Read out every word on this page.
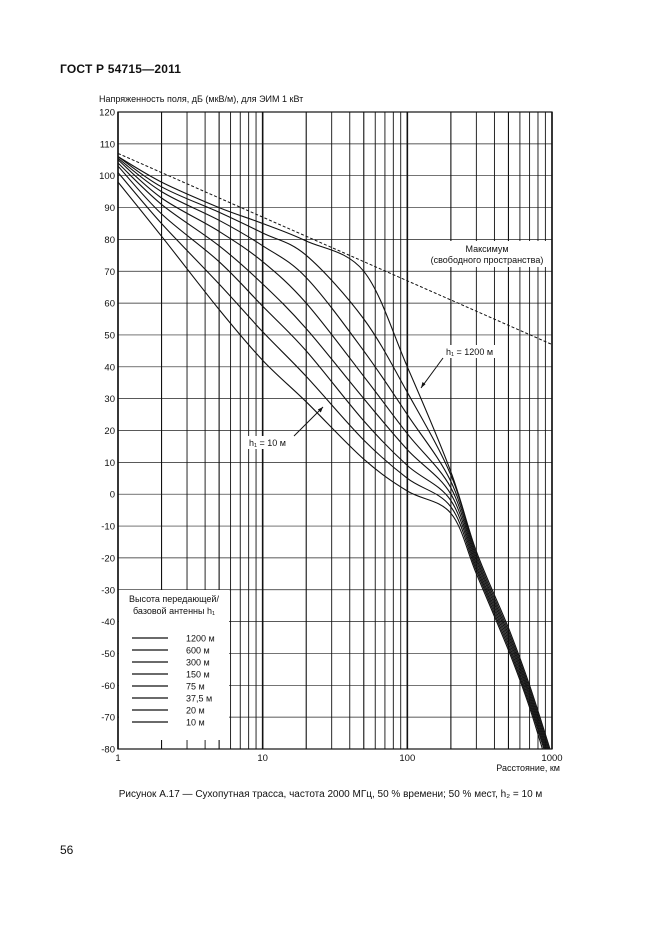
ГОСТ Р 54715—2011
Напряженность поля, дБ (мкВ/м), для ЭИМ 1 кВт
120
110
100
90
80
70
60
50
40
30
20
10
0
-10
-20
-30
-40
-50
-60
-70
-80
1	10	100	1000
Высота передающей/
базовой антенны h₁
1200 м
600 м
300 м
150 м
75 м
37,5 м
20 м
10 м
Максимум
(свободного пространства)
h₁ = 1200 м
h₁ = 10 м
Расстояние, км
Рисунок А.17 — Сухопутная трасса, частота 2000 МГц, 50 % времени; 50 % мест, h₂ = 10 м
56
